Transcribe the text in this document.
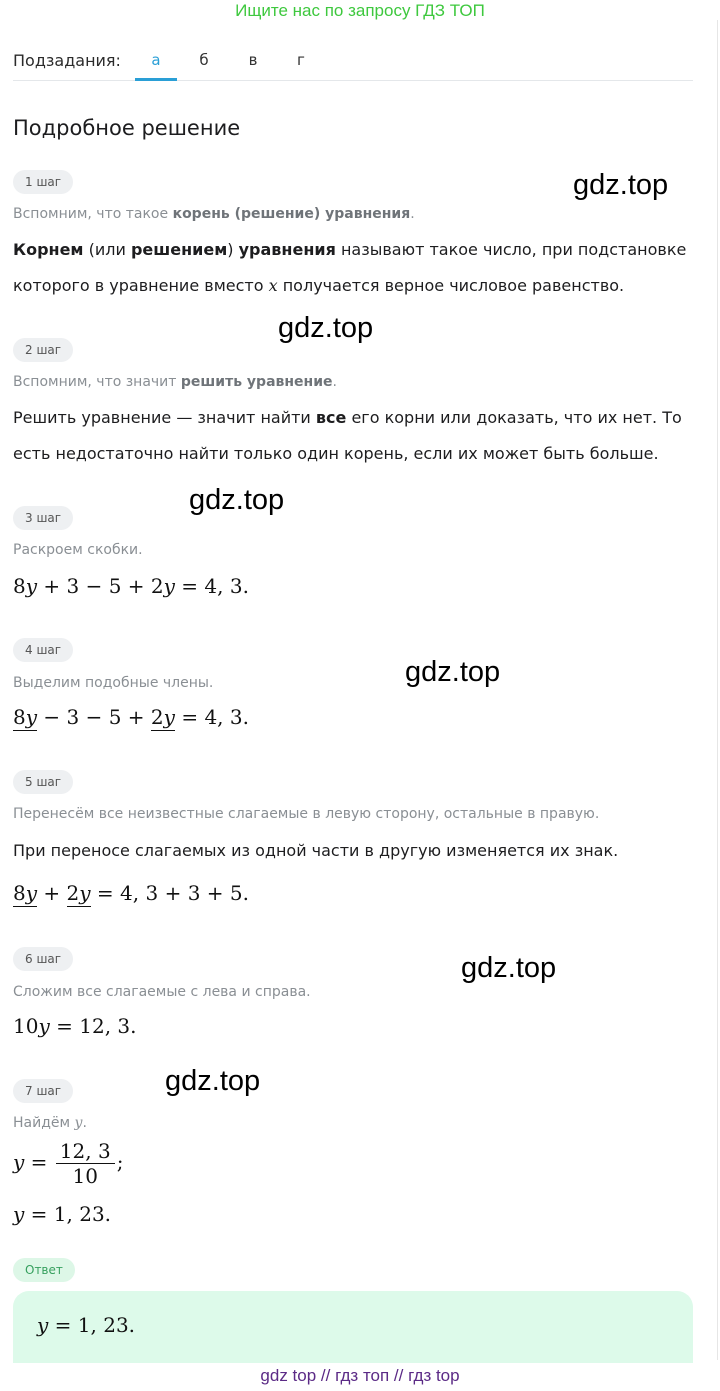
Ищите нас по запросу ГДЗ ТОП
Подзадания:	а	б	в	г
Подробное решение
1 шаг
Вспомним, что такое корень (решение) уравнения.
Корнем (или решением) уравнения называют такое число, при подстановке
которого в уравнение вместо x получается верное числовое равенство.
2 шаг
Вспомним, что значит решить уравнение.
Решить уравнение — значит найти все его корни или доказать, что их нет. То
есть недостаточно найти только один корень, если их может быть больше.
3 шаг
Раскроем скобки.
8y + 3 − 5 + 2y = 4, 3.
4 шаг
Выделим подобные члены.
8y − 3 − 5 + 2y = 4, 3.
5 шаг
Перенесём все неизвестные слагаемые в левую сторону, остальные в правую.
При переносе слагаемых из одной части в другую изменяется их знак.
8y + 2y = 4, 3 + 3 + 5.
6 шаг
Сложим все слагаемые с лева и справа.
10y = 12, 3.
7 шаг
Найдём y.
$y = \frac{12, 3}{10}$ ;
y = 1, 23.
Ответ
y = 1, 23.
gdz.top
gdz.top
gdz.top
gdz.top
gdz.top
gdz.top
gdz top // гдз топ // гдз top
